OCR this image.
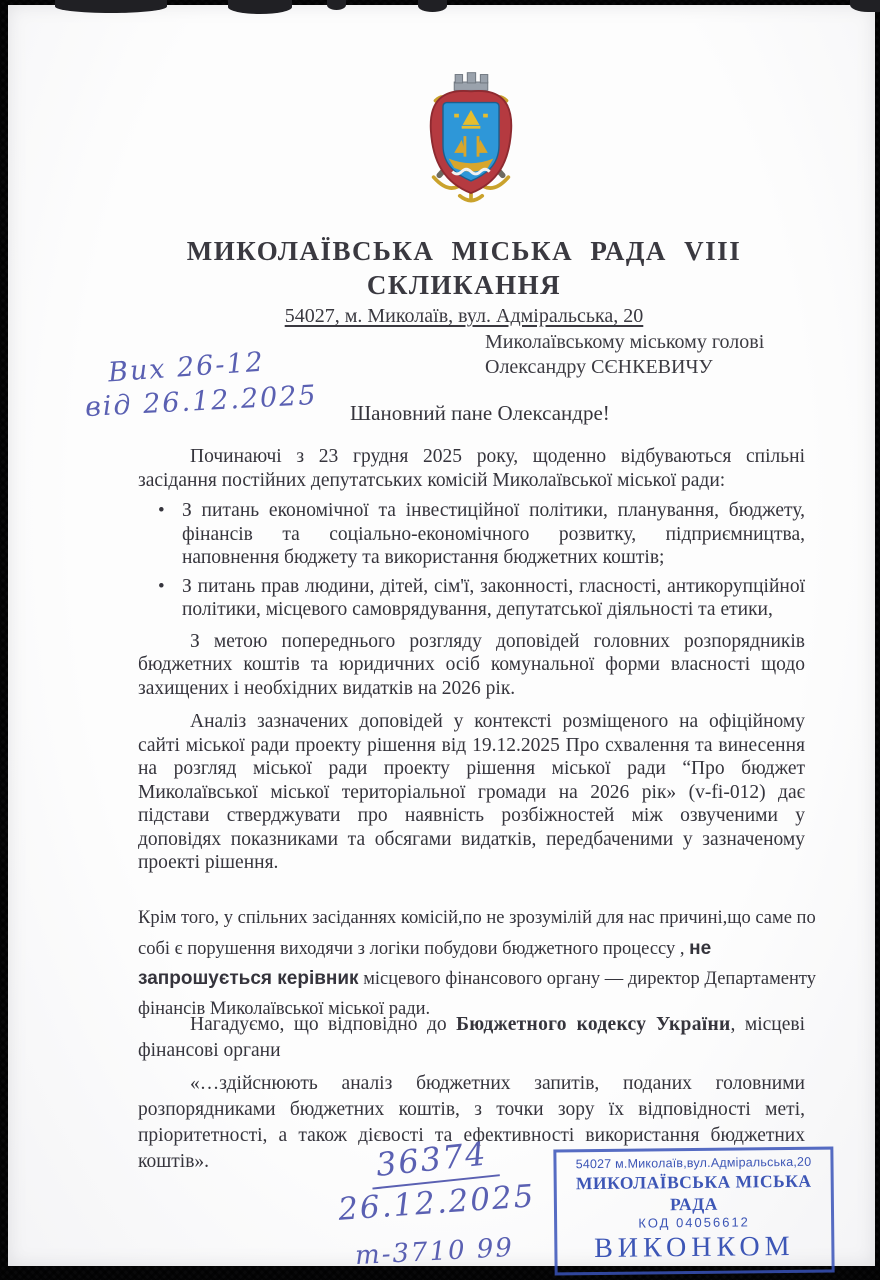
МИКОЛАЇВСЬКА МІСЬКА РАДА VIII
СКЛИКАННЯ
54027, м. Миколаїв, вул. Адміральська, 20
Миколаївському міському голові
Олександру СЄНКЕВИЧУ
Вих 26-12
від 26.12.2025 Шановний пане Олександре!

Починаючі з 23 грудня 2025 року, щоденно відбуваються спільні засідання постійних депутатських комісій Миколаївської міської ради:

• З питань економічної та інвестиційної політики, планування, бюджету, фінансів та соціально-економічного розвитку, підприємництва, наповнення бюджету та використання бюджетних коштів;
• З питань прав людини, дітей, сім'ї, законності, гласності, антикорупційної політики, місцевого самоврядування, депутатської діяльності та етики,

З метою попереднього розгляду доповідей головних розпорядників бюджетних коштів та юридичних осіб комунальної форми власності щодо захищених і необхідних видатків на 2026 рік.

Аналіз зазначених доповідей у контексті розміщеного на офіційному сайті міської ради проекту рішення від 19.12.2025 Про схвалення та винесення на розгляд міської ради проекту рішення міської ради “Про бюджет Миколаївської міської територіальної громади на 2026 рік» (v-fi-012) дає підстави стверджувати про наявність розбіжностей між озвученими у доповідях показниками та обсягами видатків, передбаченими у зазначеному проекті рішення.

Крім того, у спільних засіданнях комісій,по не зрозумілій для нас причині,що саме по собі є порушення виходячи з логіки побудови бюджетного процессу , не запрошується керівник місцевого фінансового органу — директор Департаменту фінансів Миколаївської міської ради.
Нагадуємо, що відповідно до Бюджетного кодексу України, місцеві фінансові органи
«…здійснюють аналіз бюджетних запитів, поданих головними розпорядниками бюджетних коштів, з точки зору їх відповідності меті, пріоритетності, а також дієвості та ефективності використання бюджетних коштів».	36374
26.12.2025
т-3710 99
54027 м.Миколаїв,вул.Адміральська,20
МИКОЛАЇВСЬКА МІСЬКА РАДА
КОД 04056612
ВИКОНКОМ
